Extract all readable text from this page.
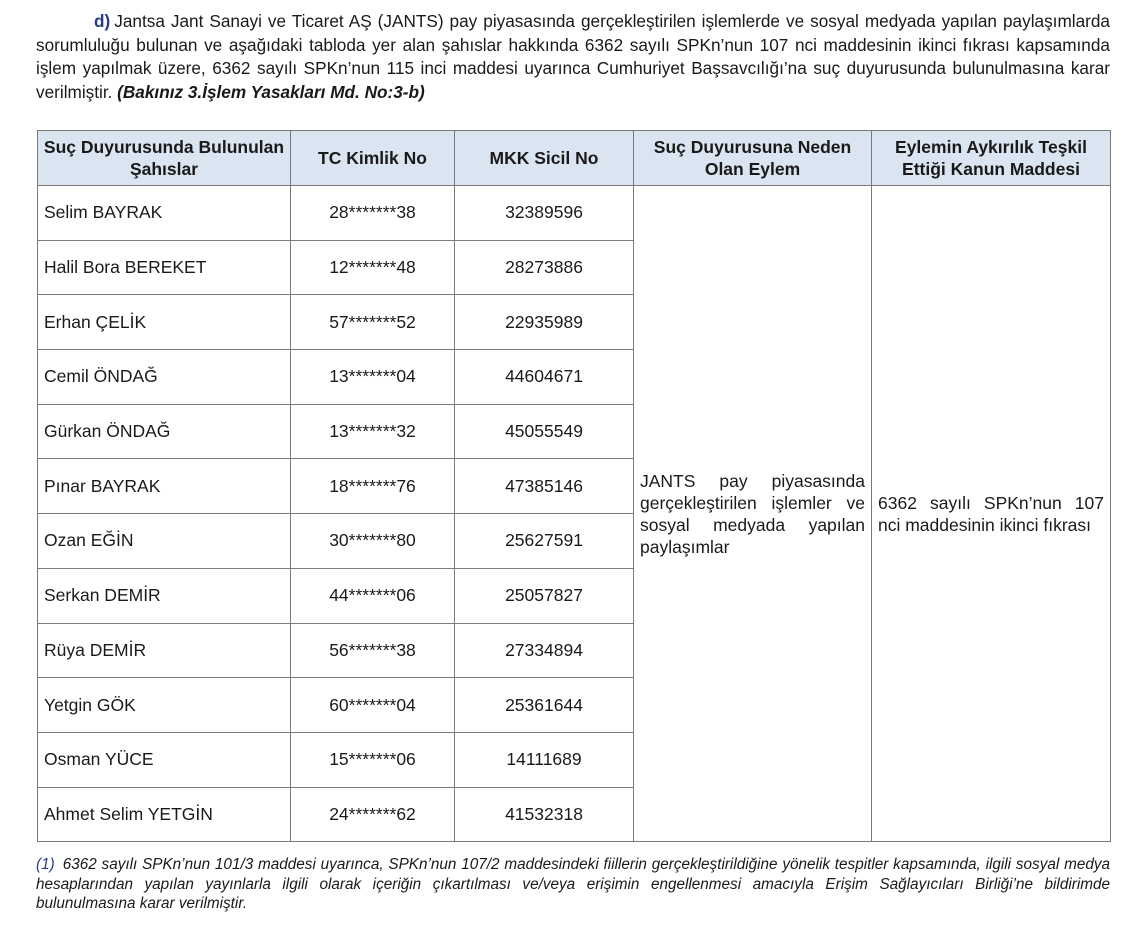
d) Jantsa Jant Sanayi ve Ticaret AŞ (JANTS) pay piyasasında gerçekleştirilen işlemlerde ve sosyal medyada yapılan paylaşımlarda sorumluluğu bulunan ve aşağıdaki tabloda yer alan şahıslar hakkında 6362 sayılı SPKn’nun 107 nci maddesinin ikinci fıkrası kapsamında işlem yapılmak üzere, 6362 sayılı SPKn’nun 115 inci maddesi uyarınca Cumhuriyet Başsavcılığı’na suç duyurusunda bulunulmasına karar verilmiştir. (Bakınız 3.İşlem Yasakları Md. No:3-b)
Suç Duyurusunda Bulunulan Şahıslar	TC Kimlik No	MKK Sicil No	Suç Duyurusuna Neden Olan Eylem	Eylemin Aykırılık Teşkil Ettiği Kanun Maddesi
Selim BAYRAK	28*******38	32389596	JANTS pay piyasasında gerçekleştirilen işlemler ve sosyal medyada yapılan paylaşımlar	6362 sayılı SPKn’nun 107 nci maddesinin ikinci fıkrası
Halil Bora BEREKET	12*******48	28273886		
Erhan ÇELİK	57*******52	22935989		
Cemil ÖNDAĞ	13*******04	44604671		
Gürkan ÖNDAĞ	13*******32	45055549		
Pınar BAYRAK	18*******76	47385146		
Ozan EĞİN	30*******80	25627591		
Serkan DEMİR	44*******06	25057827		
Rüya DEMİR	56*******38	27334894		
Yetgin GÖK	60*******04	25361644		
Osman YÜCE	15*******06	14111689		
Ahmet Selim YETGİN	24*******62	41532318		
(1) 6362 sayılı SPKn’nun 101/3 maddesi uyarınca, SPKn’nun 107/2 maddesindeki fiillerin gerçekleştirildiğine yönelik tespitler kapsamında, ilgili sosyal medya hesaplarından yapılan yayınlarla ilgili olarak içeriğin çıkartılması ve/veya erişimin engellenmesi amacıyla Erişim Sağlayıcıları Birliği’ne bildirimde bulunulmasına karar verilmiştir.
